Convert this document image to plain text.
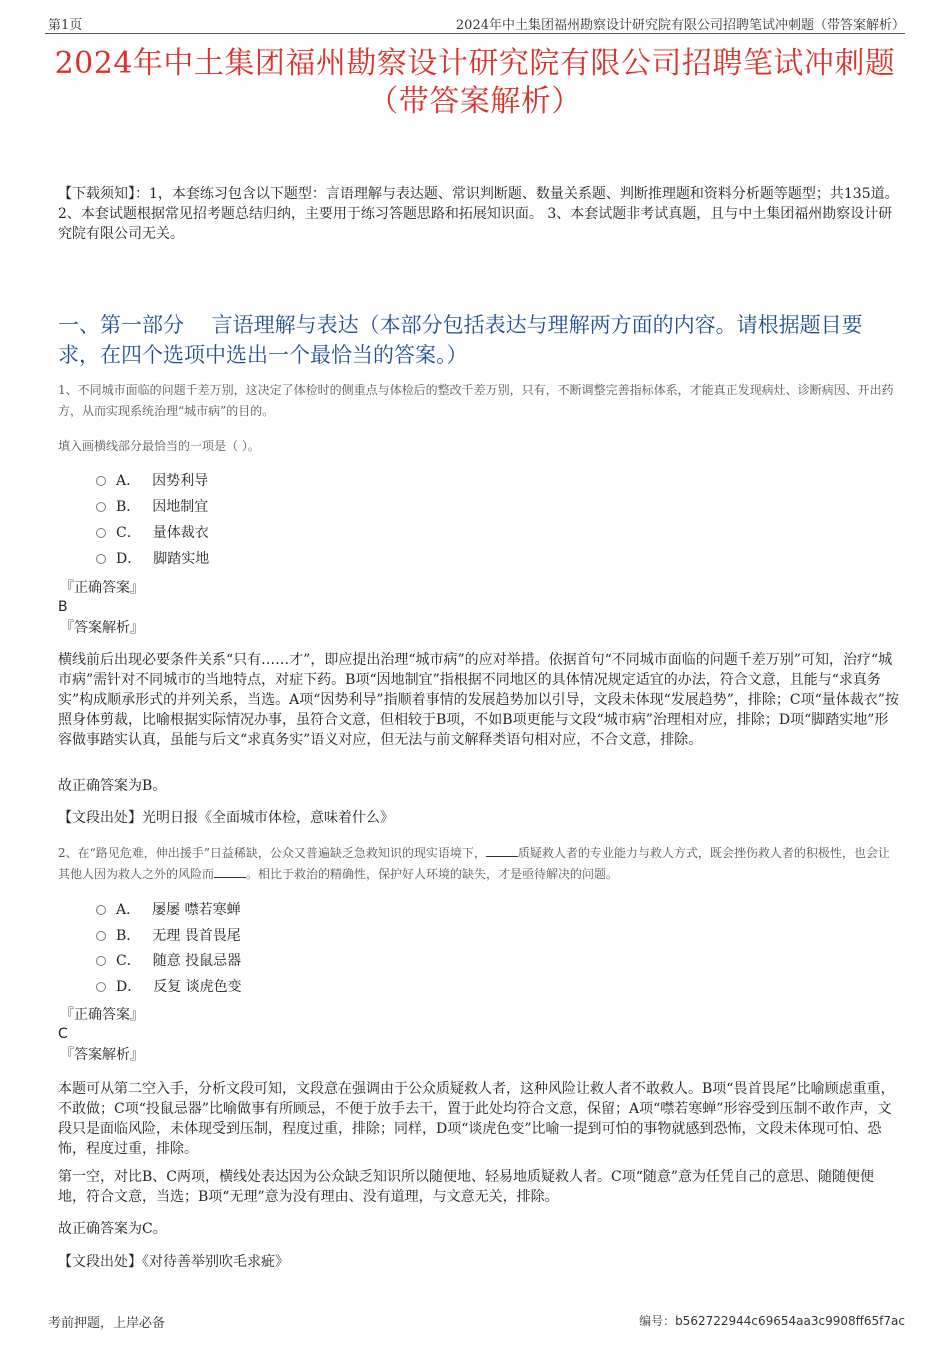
第1页	2024年中土集团福州勘察设计研究院有限公司招聘笔试冲刺题（带答案解析）
2024年中土集团福州勘察设计研究院有限公司招聘笔试冲刺题
（带答案解析）
【下载须知】：1，本套练习包含以下题型：言语理解与表达题、常识判断题、数量关系题、判断推理题和资料分析题等题型；共135道。 2、本套试题根据常见招考题总结归纳，主要用于练习答题思路和拓展知识面。 3、本套试题非考试真题，且与中土集团福州勘察设计研究院有限公司无关。
一、第一部分　 言语理解与表达（本部分包括表达与理解两方面的内容。请根据题目要求，在四个选项中选出一个最恰当的答案。）
1、不同城市面临的问题千差万别，这决定了体检时的侧重点与体检后的整改千差万别，只有，不断调整完善指标体系，才能真正发现病灶、诊断病因、开出药方，从而实现系统治理“城市病”的目的。
填入画横线部分最恰当的一项是（ ）。
A． 因势利导
B． 因地制宜
C． 量体裁衣
D． 脚踏实地
『正确答案』
B
『答案解析』
横线前后出现必要条件关系“只有……才”，即应提出治理“城市病”的应对举措。依据首句“不同城市面临的问题千差万别”可知，治疗“城市病”需针对不同城市的当地特点，对症下药。B项“因地制宜”指根据不同地区的具体情况规定适宜的办法，符合文意，且能与“求真务实”构成顺承形式的并列关系，当选。A项“因势利导”指顺着事情的发展趋势加以引导，文段未体现“发展趋势”，排除；C项“量体裁衣”按照身体剪裁，比喻根据实际情况办事，虽符合文意，但相较于B项，不如B项更能与文段“城市病”治理相对应，排除；D项“脚踏实地”形容做事踏实认真，虽能与后文“求真务实”语义对应，但无法与前文解释类语句相对应，不合文意，排除。
故正确答案为B。
【文段出处】光明日报《全面城市体检，意味着什么》
2、在“路见危难，伸出援手”日益稀缺，公众又普遍缺乏急救知识的现实语境下，	质疑救人者的专业能力与救人方式，既会挫伤救人者的积极性，也会让其他人因为救人之外的风险而	。相比于救治的精确性，保护好人环境的缺失，才是亟待解决的问题。
A． 屡屡 噤若寒蝉
B． 无理 畏首畏尾
C． 随意 投鼠忌器
D． 反复 谈虎色变
『正确答案』
C
『答案解析』
本题可从第二空入手，分析文段可知，文段意在强调由于公众质疑救人者，这种风险让救人者不敢救人。B项“畏首畏尾”比喻顾虑重重，不敢做；C项“投鼠忌器”比喻做事有所顾忌，不便于放手去干，置于此处均符合文意，保留；A项“噤若寒蝉”形容受到压制不敢作声，文段只是面临风险，未体现受到压制，程度过重，排除；同样，D项“谈虎色变”比喻一提到可怕的事物就感到恐怖，文段未体现可怕、恐怖，程度过重，排除。
第一空，对比B、C两项，横线处表达因为公众缺乏知识所以随便地、轻易地质疑救人者。C项“随意”意为任凭自己的意思、随随便便地，符合文意，当选；B项“无理”意为没有理由、没有道理，与文意无关，排除。
故正确答案为C。
【文段出处】《对待善举别吹毛求疵》
考前押题，上岸必备	编号：b562722944c69654aa3c9908ff65f7ac
